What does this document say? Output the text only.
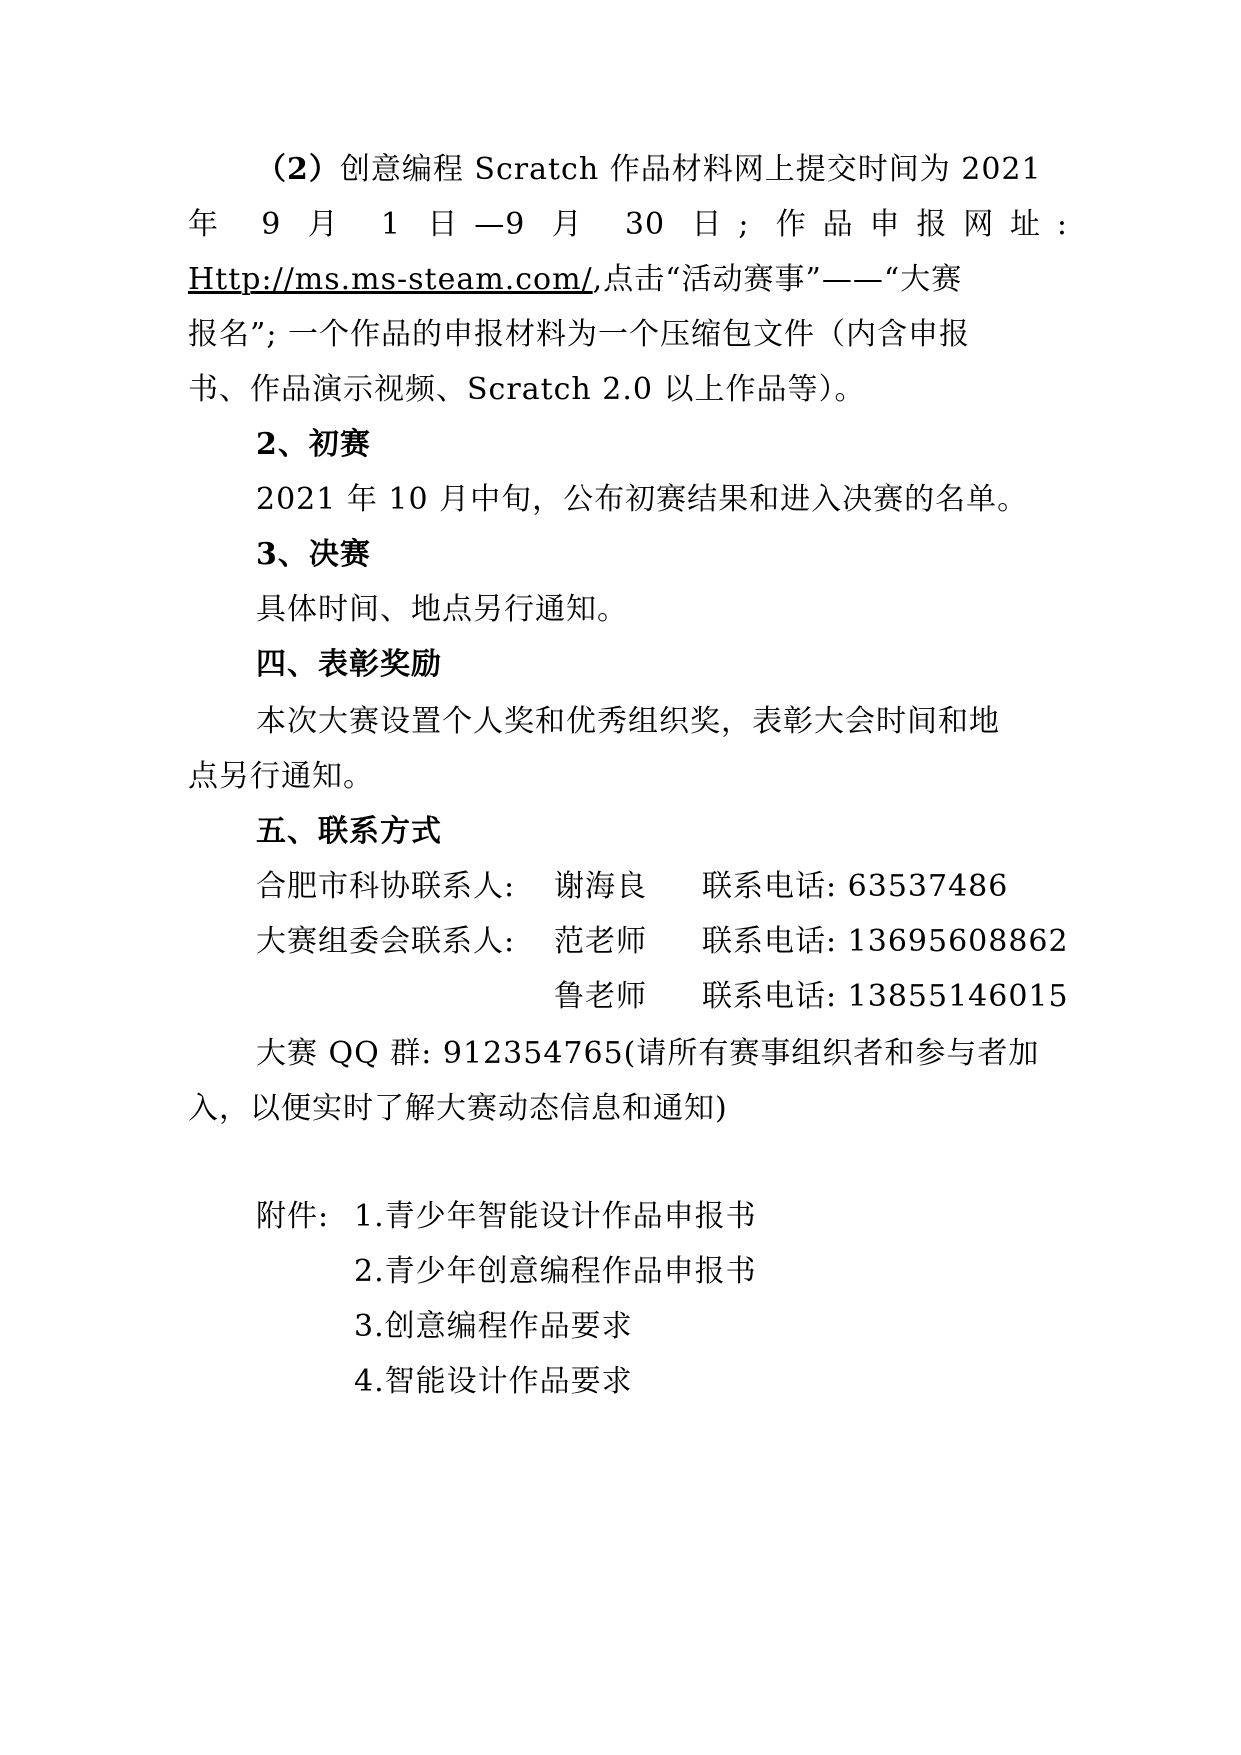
（2）创意编程 Scratch 作品材料网上提交时间为 2021
年 9 月 1 日—9 月 30 日; 作品申报网址:
Http://ms.ms-steam.com/,点击“活动赛事”——“大赛
报名”; 一个作品的申报材料为一个压缩包文件（内含申报
书、作品演示视频、Scratch 2.0 以上作品等）。
2、初赛
2021 年 10 月中旬，公布初赛结果和进入决赛的名单。
3、决赛
具体时间、地点另行通知。
四、表彰奖励
本次大赛设置个人奖和优秀组织奖，表彰大会时间和地
点另行通知。
五、联系方式
合肥市科协联系人: 谢海良 联系电话: 63537486
大赛组委会联系人: 范老师 联系电话: 13695608862
鲁老师 联系电话: 13855146015
大赛 QQ 群: 912354765(请所有赛事组织者和参与者加
入，以便实时了解大赛动态信息和通知)
附件: 1.青少年智能设计作品申报书
2.青少年创意编程作品申报书
3.创意编程作品要求
4.智能设计作品要求
